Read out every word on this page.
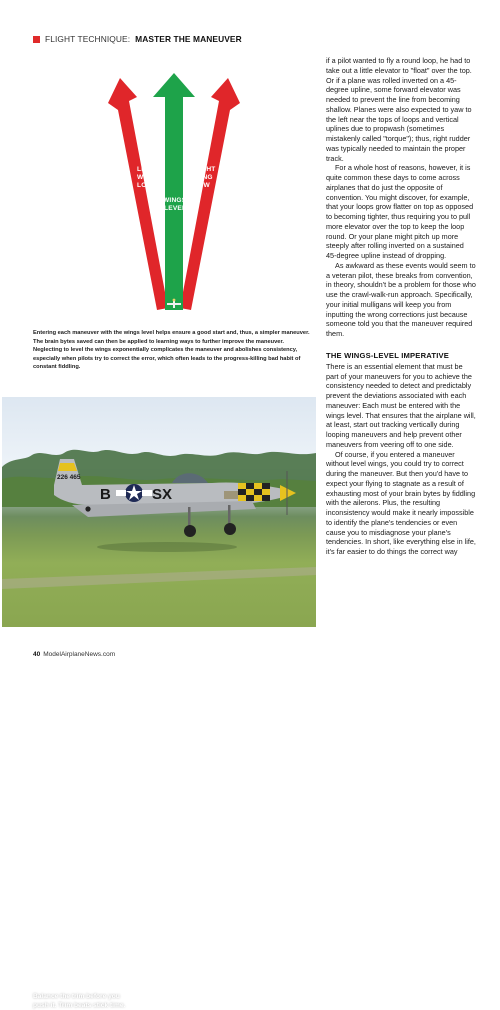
FLIGHT TECHNIQUE: MASTER THE MANEUVER
LEFT
WING
LOW
RIGHT
WING
LOW
WINGS
LEVEL
Entering each maneuver with the wings level helps ensure a good start and, thus, a simpler maneuver. The brain bytes saved can then be applied to learning ways to further improve the maneuver. Neglecting to level the wings exponentially complicates the maneuver and abolishes consistency, especially when pilots try to correct the error, which often leads to the progress-killing bad habit of constant fiddling.
226 465
B	SX
Balance the trim before you push it. Trim beats stick time.

if a pilot wanted to fly a round loop, he had to take out a little elevator to "float" over the top. Or if a plane was rolled inverted on a 45-degree upline, some forward elevator was needed to prevent the line from becoming shallow. Planes were also expected to yaw to the left near the tops of loops and vertical uplines due to propwash (sometimes mistakenly called "torque"); thus, right rudder was typically needed to maintain the proper track.

For a whole host of reasons, however, it is quite common these days to come across airplanes that do just the opposite of convention. You might discover, for example, that your loops grow flatter on top as opposed to becoming tighter, thus requiring you to pull more elevator over the top to keep the loop round. Or your plane might pitch up more steeply after rolling inverted on a sustained 45-degree upline instead of dropping.

As awkward as these events would seem to a veteran pilot, these breaks from convention, in theory, shouldn't be a problem for those who use the crawl-walk-run approach. Specifically, your initial mulligans will keep you from inputting the wrong corrections just because someone told you that the maneuver required them.

THE WINGS-LEVEL IMPERATIVE

There is an essential element that must be part of your maneuvers for you to achieve the consistency needed to detect and predictably prevent the deviations associated with each maneuver: Each must be entered with the wings level. That ensures that the airplane will, at least, start out tracking vertically during looping maneuvers and help prevent other maneuvers from veering off to one side.

Of course, if you entered a maneuver without level wings, you could try to correct during the maneuver. But then you'd have to expect your flying to stagnate as a result of exhausting most of your brain bytes by fiddling with the ailerons. Plus, the resulting inconsistency would make it nearly impossible to identify the plane's tendencies or even cause you to misdiagnose your plane's tendencies. In short, like everything else in life, it's far easier to do things the correct way

40 ModelAirplaneNews.com
